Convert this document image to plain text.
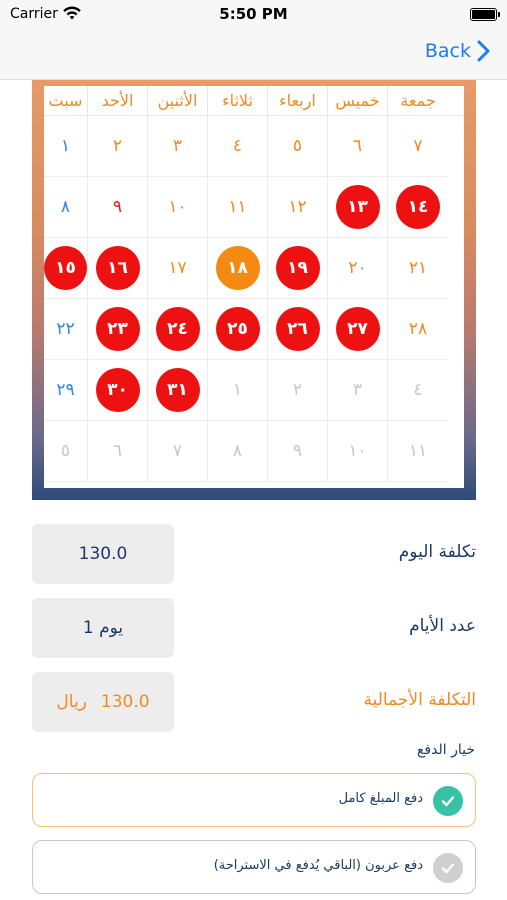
Carrier	5:50 PM
Back
سبت	الأحد	الأثنين	ثلاثاء	اربعاء	خميس	جمعة
١	٢	٣	٤	٥	٦	٧
٨	٩	١٠ ١١ ١٢ ١٣ ١٤
١٥ ١٦ ١٧ ١٨ ١٩ ٢٠ ٢١
٢٢ ٢٣ ٢٤ ٢٥ ٢٦ ٢٧ ٢٨
٢٩ ٣٠ ٣١	١	٢	٣	٤
٥	٦	٧	٨	٩	١٠ ١١
130.0	تكلفة اليوم
1 يوم	عدد الأيام
ريال 130.0	التكلفة الأجمالية
خيار الدفع
دفع المبلغ كامل
دفع عربون (الباقي يُدفع في الاستراحة)
